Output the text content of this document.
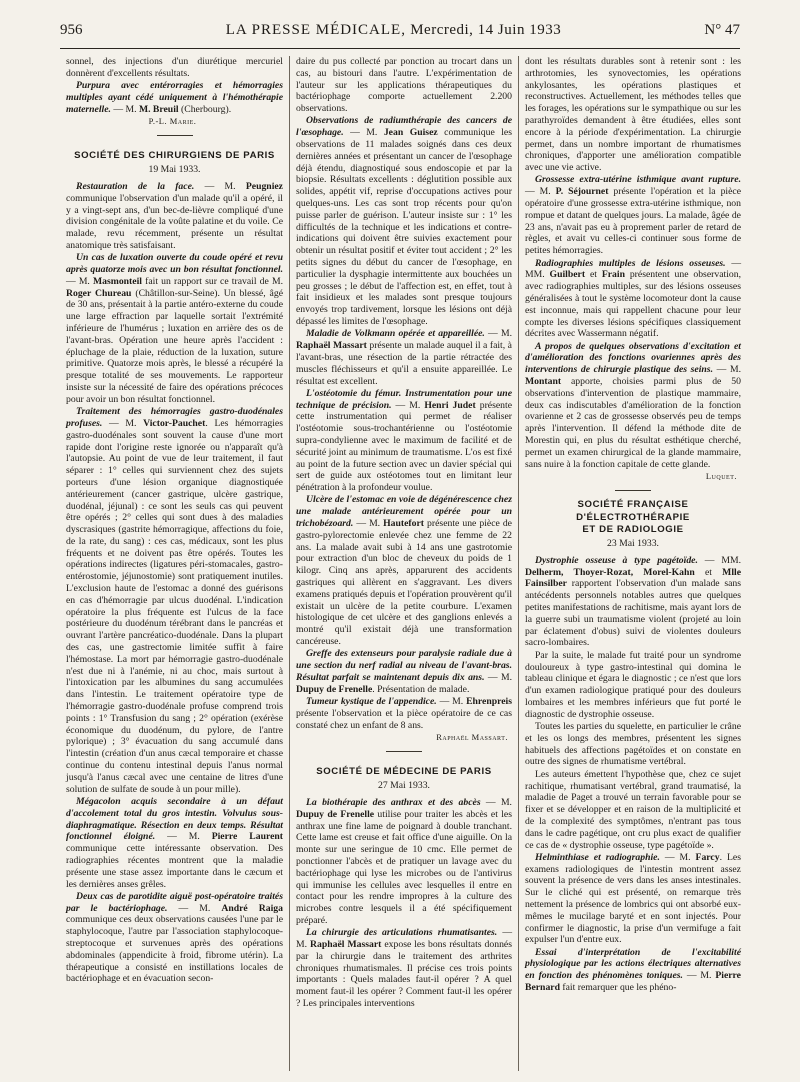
956	LA PRESSE MÉDICALE, Mercredi, 14 Juin 1933	N° 47

sonnel, des injections d'un diurétique mercuriel donnèrent d'excellents résultats.

Purpura avec entérorragies et hémorragies multiples ayant cédé uniquement à l'hémothérapie maternelle. — M. M. Breuil (Cherbourg).

P.-L. Marie.
SOCIÉTÉ DES CHIRURGIENS DE PARIS
19 Mai 1933.

Restauration de la face. — M. Peugniez communique l'observation d'un malade qu'il a opéré, il y a vingt-sept ans, d'un bec-de-lièvre compliqué d'une division congénitale de la voûte palatine et du voile. Ce malade, revu récemment, présente un résultat anatomique très satisfaisant.

Un cas de luxation ouverte du coude opéré et revu après quatorze mois avec un bon résultat fonctionnel. — M. Masmonteil fait un rapport sur ce travail de M. Roger Chureau (Châtillon-sur-Seine). Un blessé, âgé de 30 ans, présentait à la partie antéro-externe du coude une large effraction par laquelle sortait l'extrémité inférieure de l'humérus ; luxation en arrière des os de l'avant-bras. Opération une heure après l'accident : épluchage de la plaie, réduction de la luxation, suture primitive. Quatorze mois après, le blessé a récupéré la presque totalité de ses mouvements. Le rapporteur insiste sur la nécessité de faire des opérations précoces pour avoir un bon résultat fonctionnel.

Traitement des hémorragies gastro-duodénales profuses. — M. Victor-Pauchet. Les hémorragies gastro-duodénales sont souvent la cause d'une mort rapide dont l'origine reste ignorée ou n'apparaît qu'à l'autopsie. Au point de vue de leur traitement, il faut séparer : 1° celles qui surviennent chez des sujets porteurs d'une lésion organique diagnostiquée antérieurement (cancer gastrique, ulcère gastrique, duodénal, jéjunal) : ce sont les seuls cas qui peuvent être opérés ; 2° celles qui sont dues à des maladies dyscrasiques (gastrite hémorragique, affections du foie, de la rate, du sang) : ces cas, médicaux, sont les plus fréquents et ne doivent pas être opérés. Toutes les opérations indirectes (ligatures péri-stomacales, gastro-entérostomie, jéjunostomie) sont pratiquement inutiles. L'exclusion haute de l'estomac a donné des guérisons en cas d'hémorragie par ulcus duodénal. L'indication opératoire la plus fréquente est l'ulcus de la face postérieure du duodénum térébrant dans le pancréas et ouvrant l'artère pancréatico-duodénale. Dans la plupart des cas, une gastrectomie limitée suffit à faire l'hémostase. La mort par hémorragie gastro-duodénale n'est due ni à l'anémie, ni au choc, mais surtout à l'intoxication par les albumines du sang accumulées dans l'intestin. Le traitement opératoire type de l'hémorragie gastro-duodénale profuse comprend trois points : 1° Transfusion du sang ; 2° opération (exérèse économique du duodénum, du pylore, de l'antre pylorique) ; 3° évacuation du sang accumulé dans l'intestin (création d'un anus cæcal temporaire et chasse continue du contenu intestinal depuis l'anus normal jusqu'à l'anus cæcal avec une centaine de litres d'une solution de sulfate de soude à un pour mille).

Mégacolon acquis secondaire à un défaut d'accolement total du gros intestin. Volvulus sous-diaphragmatique. Résection en deux temps. Résultat fonctionnel éloigné. — M. Pierre Laurent communique cette intéressante observation. Des radiographies récentes montrent que la maladie présente une stase assez importante dans le cæcum et les dernières anses grêles.

Deux cas de parotidite aiguë post-opératoire traités par le bactériophage. — M. André Raiga communique ces deux observations causées l'une par le staphylocoque, l'autre par l'association staphylocoque-streptocoque et survenues après des opérations abdominales (appendicite à froid, fibrome utérin). La thérapeutique a consisté en instillations locales de bactériophage et en évacuation secon-

daire du pus collecté par ponction au trocart dans un cas, au bistouri dans l'autre. L'expérimentation de l'auteur sur les applications thérapeutiques du bactériophage comporte actuellement 2.200 observations.

Observations de radiumthérapie des cancers de l'œsophage. — M. Jean Guisez communique les observations de 11 malades soignés dans ces deux dernières années et présentant un cancer de l'œsophage déjà étendu, diagnostiqué sous endoscopie et par la biopsie. Résultats excellents : déglutition possible aux solides, appétit vif, reprise d'occupations actives pour quelques-uns. Les cas sont trop récents pour qu'on puisse parler de guérison. L'auteur insiste sur : 1° les difficultés de la technique et les indications et contre-indications qui doivent être suivies exactement pour obtenir un résultat positif et éviter tout accident ; 2° les petits signes du début du cancer de l'œsophage, en particulier la dysphagie intermittente aux bouchées un peu grosses ; le début de l'affection est, en effet, tout à fait insidieux et les malades sont presque toujours envoyés trop tardivement, lorsque les lésions ont déjà dépassé les limites de l'œsophage.

Maladie de Volkmann opérée et appareillée. — M. Raphaël Massart présente un malade auquel il a fait, à l'avant-bras, une résection de la partie rétractée des muscles fléchisseurs et qu'il a ensuite appareillée. Le résultat est excellent.

L'ostéotomie du fémur. Instrumentation pour une technique de précision. — M. Henri Judet présente cette instrumentation qui permet de réaliser l'ostéotomie sous-trochantérienne ou l'ostéotomie supra-condylienne avec le maximum de facilité et de sécurité joint au minimum de traumatisme. L'os est fixé au point de la future section avec un davier spécial qui sert de guide aux ostéotomes tout en limitant leur pénétration à la profondeur voulue.

Ulcère de l'estomac en voie de dégénérescence chez une malade antérieurement opérée pour un trichobézoard. — M. Hautefort présente une pièce de gastro-pylorectomie enlevée chez une femme de 22 ans. La malade avait subi à 14 ans une gastrotomie pour extraction d'un bloc de cheveux du poids de 1 kilogr. Cinq ans après, apparurent des accidents gastriques qui allèrent en s'aggravant. Les divers examens pratiqués depuis et l'opération prouvèrent qu'il existait un ulcère de la petite courbure. L'examen histologique de cet ulcère et des ganglions enlevés a montré qu'il existait déjà une transformation cancéreuse.

Greffe des extenseurs pour paralysie radiale due à une section du nerf radial au niveau de l'avant-bras. Résultat parfait se maintenant depuis dix ans. — M. Dupuy de Frenelle. Présentation de malade.

Tumeur kystique de l'appendice. — M. Ehrenpreis présente l'observation et la pièce opératoire de ce cas constaté chez un enfant de 8 ans.

Raphaël Massart.
SOCIÉTÉ DE MÉDECINE DE PARIS
27 Mai 1933.

La biothérapie des anthrax et des abcès — M. Dupuy de Frenelle utilise pour traiter les abcès et les anthrax une fine lame de poignard à double tranchant. Cette lame est creuse et fait office d'une aiguille. On la monte sur une seringue de 10 cmc. Elle permet de ponctionner l'abcès et de pratiquer un lavage avec du bactériophage qui lyse les microbes ou de l'antivirus qui immunise les cellules avec lesquelles il entre en contact pour les rendre impropres à la culture des microbes contre lesquels il a été spécifiquement préparé.

La chirurgie des articulations rhumatisantes. — M. Raphaël Massart expose les bons résultats donnés par la chirurgie dans le traitement des arthrites chroniques rhumatismales. Il précise ces trois points importants : Quels malades faut-il opérer ? A quel moment faut-il les opérer ? Comment faut-il les opérer ? Les principales interventions

dont les résultats durables sont à retenir sont : les arthrotomies, les synovectomies, les opérations ankylosantes, les opérations plastiques et reconstructives. Actuellement, les méthodes telles que les forages, les opérations sur le sympathique ou sur les parathyroïdes demandent à être étudiées, elles sont encore à la période d'expérimentation. La chirurgie permet, dans un nombre important de rhumatismes chroniques, d'apporter une amélioration compatible avec une vie active.

Grossesse extra-utérine isthmique avant rupture. — M. P. Séjournet présente l'opération et la pièce opératoire d'une grossesse extra-utérine isthmique, non rompue et datant de quelques jours. La malade, âgée de 23 ans, n'avait pas eu à proprement parler de retard de règles, et avait vu celles-ci continuer sous forme de petites hémorragies.

Radiographies multiples de lésions osseuses. — MM. Guilbert et Frain présentent une observation, avec radiographies multiples, sur des lésions osseuses généralisées à tout le système locomoteur dont la cause est inconnue, mais qui rappellent chacune pour leur compte les diverses lésions spécifiques classiquement décrites avec Wassermann négatif.

A propos de quelques observations d'excitation et d'amélioration des fonctions ovariennes après des interventions de chirurgie plastique des seins. — M. Montant apporte, choisies parmi plus de 50 observations d'intervention de plastique mammaire, deux cas indiscutables d'amélioration de la fonction ovarienne et 2 cas de grossesse observés peu de temps après l'intervention. Il défend la méthode dite de Morestin qui, en plus du résultat esthétique cherché, permet un examen chirurgical de la glande mammaire, sans nuire à la fonction capitale de cette glande.

Luquet.
SOCIÉTÉ FRANÇAISE D'ÉLECTROTHÉRAPIE
ET DE RADIOLOGIE
23 Mai 1933.

Dystrophie osseuse à type pagétoïde. — MM. Delherm, Thoyer-Rozat, Morel-Kahn et Mlle Fainsilber rapportent l'observation d'un malade sans antécédents personnels notables autres que quelques petites manifestations de rachitisme, mais ayant lors de la guerre subi un traumatisme violent (projeté au loin par éclatement d'obus) suivi de violentes douleurs sacro-lombaires.

Par la suite, le malade fut traité pour un syndrome douloureux à type gastro-intestinal qui domina le tableau clinique et égara le diagnostic ; ce n'est que lors d'un examen radiologique pratiqué pour des douleurs lombaires et les membres inférieurs que fut porté le diagnostic de dystrophie osseuse.

Toutes les parties du squelette, en particulier le crâne et les os longs des membres, présentent les signes habituels des affections pagétoïdes et on constate en outre des signes de rhumatisme vertébral.

Les auteurs émettent l'hypothèse que, chez ce sujet rachitique, rhumatisant vertébral, grand traumatisé, la maladie de Paget a trouvé un terrain favorable pour se fixer et se développer et en raison de la multiplicité et de la complexité des symptômes, n'entrant pas tous dans le cadre pagétique, ont cru plus exact de qualifier ce cas de « dystrophie osseuse, type pagétoïde ».

Helminthiase et radiographie. — M. Farcy. Les examens radiologiques de l'intestin montrent assez souvent la présence de vers dans les anses intestinales. Sur le cliché qui est présenté, on remarque très nettement la présence de lombrics qui ont absorbé eux-mêmes le mucilage baryté et en sont injectés. Pour confirmer le diagnostic, la prise d'un vermifuge a fait expulser l'un d'entre eux.

Essai d'interprétation de l'excitabilité physiologique par les actions électriques alternatives en fonction des phénomènes toniques. — M. Pierre Bernard fait remarquer que les phéno-
